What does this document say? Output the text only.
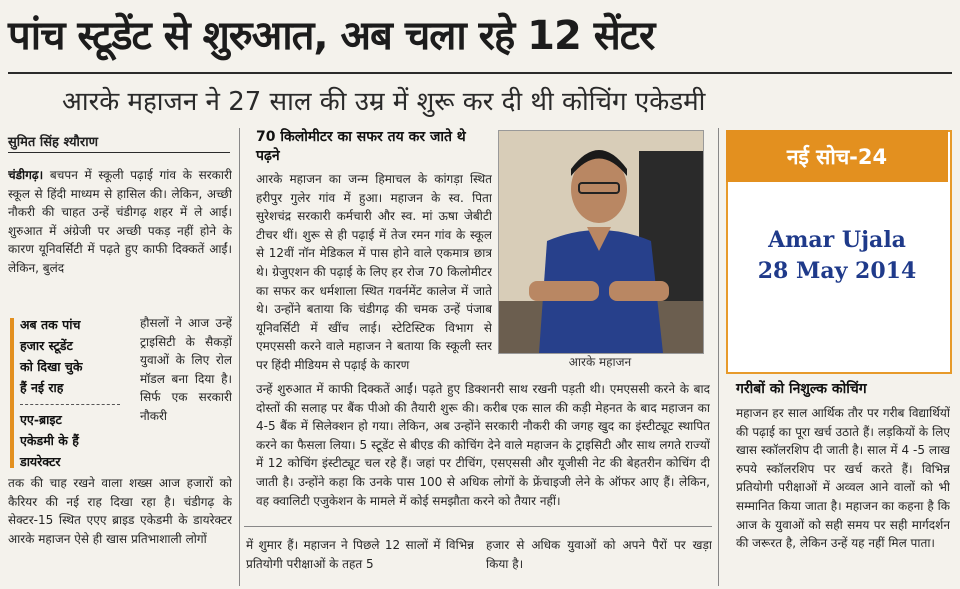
पांच स्टूडेंट से शुरुआत, अब चला रहे 12 सेंटर
आरके महाजन ने 27 साल की उम्र में शुरू कर दी थी कोचिंग एकेडमी
सुमित सिंह श्यौराण

चंडीगढ़। बचपन में स्कूली पढ़ाई गांव के सरकारी स्कूल से हिंदी माध्यम से हासिल की। लेकिन, अच्छी नौकरी की चाहत उन्हें चंडीगढ़ शहर में ले आई। शुरुआत में अंग्रेजी पर अच्छी पकड़ नहीं होने के कारण यूनिवर्सिटी में पढ़ते हुए काफी दिक्कतें आईं। लेकिन, बुलंद

अब तक पांच
हजार स्टूडेंट
को दिखा चुके
हैं नई राह
एए-ब्राइट
एकेडमी के हैं
डायरेक्टर
हौसलों ने आज उन्हें ट्राइसिटी के सैकड़ों युवाओं के लिए रोल मॉडल बना दिया है। सिर्फ एक सरकारी नौकरी
तक की चाह रखने वाला शख्स आज हजारों को कैरियर की नई राह दिखा रहा है। चंडीगढ़ के सेक्टर-15 स्थित एएए ब्राइड एकेडमी के डायरेक्टर आरके महाजन ऐसे ही खास प्रतिभाशाली लोगों
70 किलोमीटर का सफर तय कर जाते थे पढ़ने
आरके महाजन का जन्म हिमाचल के कांगड़ा स्थित हरीपुर गुलेर गांव में हुआ। महाजन के स्व. पिता सुरेशचंद्र सरकारी कर्मचारी और स्व. मां ऊषा जेबीटी टीचर थीं। शुरू से ही पढ़ाई में तेज रमन गांव के स्कूल से 12वीं नॉन मेडिकल में पास होने वाले एकमात्र छात्र थे। ग्रेजुएशन की पढ़ाई के लिए हर रोज 70 किलोमीटर का सफर कर धर्मशाला स्थित गवर्नमेंट कालेज में जाते थे। उन्होंने बताया कि चंडीगढ़ की चमक उन्हें पंजाब यूनिवर्सिटी में खींच लाई। स्टेटिस्टिक विभाग से एमएससी करने वाले महाजन ने बताया कि स्कूली स्तर पर हिंदी मीडियम से पढ़ाई के कारण	आरके महाजन
उन्हें शुरुआत में काफी दिक्कतें आईं। पढ़ते हुए डिक्शनरी साथ रखनी पड़ती थी। एमएससी करने के बाद दोस्तों की सलाह पर बैंक पीओ की तैयारी शुरू की। करीब एक साल की कड़ी मेहनत के बाद महाजन का 4-5 बैंक में सिलेक्शन हो गया। लेकिन, अब उन्होंने सरकारी नौकरी की जगह खुद का इंस्टीट्यूट स्थापित करने का फैसला लिया। 5 स्टूडेंट से बीएड की कोचिंग देने वाले महाजन के ट्राइसिटी और साथ लगते राज्यों में 12 कोचिंग इंस्टीट्यूट चल रहे हैं। जहां पर टीचिंग, एसएससी और यूजीसी नेट की बेहतरीन कोचिंग दी जाती है। उन्होंने कहा कि उनके पास 100 से अधिक लोगों के फ्रेंचाइजी लेने के ऑफर आए हैं। लेकिन, वह क्वालिटी एजुकेशन के मामले में कोई समझौता करने को तैयार नहीं।
में शुमार हैं। महाजन ने पिछले 12 सालों में विभिन्न प्रतियोगी परीक्षाओं के तहत 5
हजार से अधिक युवाओं को अपने पैरों पर खड़ा किया है।
नई सोच-24
Amar Ujala
28 May 2014
गरीबों को निशुल्क कोचिंग
महाजन हर साल आर्थिक तौर पर गरीब विद्यार्थियों की पढ़ाई का पूरा खर्च उठाते हैं। लड़कियों के लिए खास स्कॉलरशिप दी जाती है। साल में 4 -5 लाख रुपये स्कॉलरशिप पर खर्च करते हैं। विभिन्न प्रतियोगी परीक्षाओं में अव्वल आने वालों को भी सम्मानित किया जाता है। महाजन का कहना है कि आज के युवाओं को सही समय पर सही मार्गदर्शन की जरूरत है, लेकिन उन्हें यह नहीं मिल पाता।
